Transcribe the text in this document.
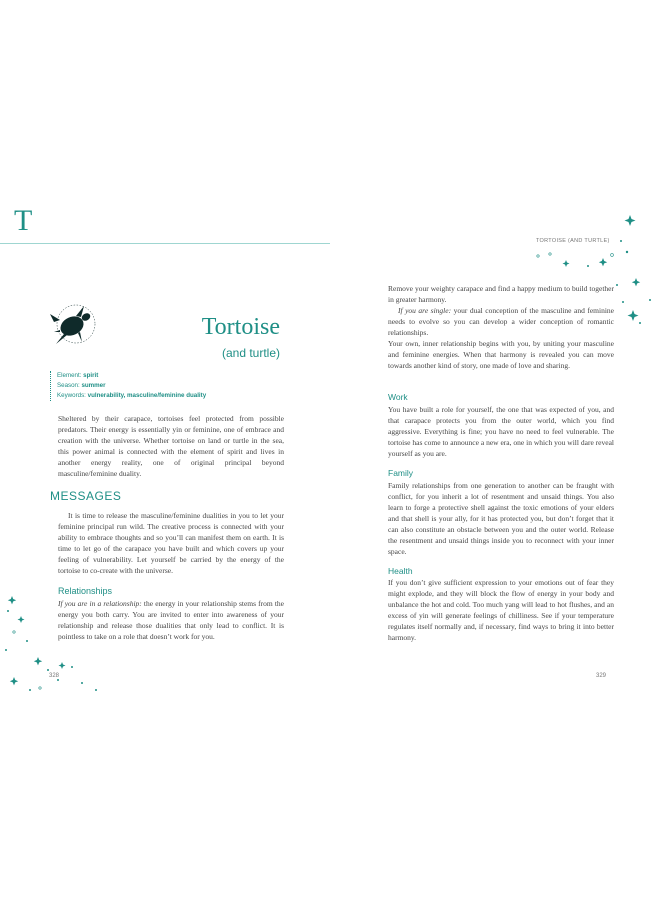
T
Tortoise
(and turtle)
Element: spirit
Season: summer
Keywords: vulnerability, masculine/feminine duality

Sheltered by their carapace, tortoises feel protected from possible predators. Their energy is essentially yin or feminine, one of embrace and creation with the universe. Whether tortoise on land or turtle in the sea, this power animal is connected with the element of spirit and lives in another energy reality, one of original principal beyond masculine/feminine duality.

MESSAGES

It is time to release the masculine/feminine dualities in you to let your feminine principal run wild. The creative process is connected with your ability to embrace thoughts and so you’ll can manifest them on earth. It is time to let go of the carapace you have built and which covers up your feeling of vulnerability. Let yourself be carried by the energy of the tortoise to co-create with the universe.

Relationships

If you are in a relationship: the energy in your relationship stems from the energy you both carry. You are invited to enter into awareness of your relationship and release those dualities that only lead to conflict. It is pointless to take on a role that doesn’t work for you.

328
TORTOISE (AND TURTLE)

Remove your weighty carapace and find a happy medium to build together in greater harmony.

If you are single: your dual conception of the masculine and feminine needs to evolve so you can develop a wider conception of romantic relationships.

Your own, inner relationship begins with you, by uniting your masculine and feminine energies. When that harmony is revealed you can move towards another kind of story, one made of love and sharing.

Work

You have built a role for yourself, the one that was expected of you, and that carapace protects you from the outer world, which you find aggressive. Everything is fine; you have no need to feel vulnerable. The tortoise has come to announce a new era, one in which you will dare reveal yourself as you are.

Family

Family relationships from one generation to another can be fraught with conflict, for you inherit a lot of resentment and unsaid things. You also learn to forge a protective shell against the toxic emotions of your elders and that shell is your ally, for it has protected you, but don’t forget that it can also constitute an obstacle between you and the outer world. Release the resentment and unsaid things inside you to reconnect with your inner space.

Health

If you don’t give sufficient expression to your emotions out of fear they might explode, and they will block the flow of energy in your body and unbalance the hot and cold. Too much yang will lead to hot flushes, and an excess of yin will generate feelings of chilliness. See if your temperature regulates itself normally and, if necessary, find ways to bring it into better harmony.

329
